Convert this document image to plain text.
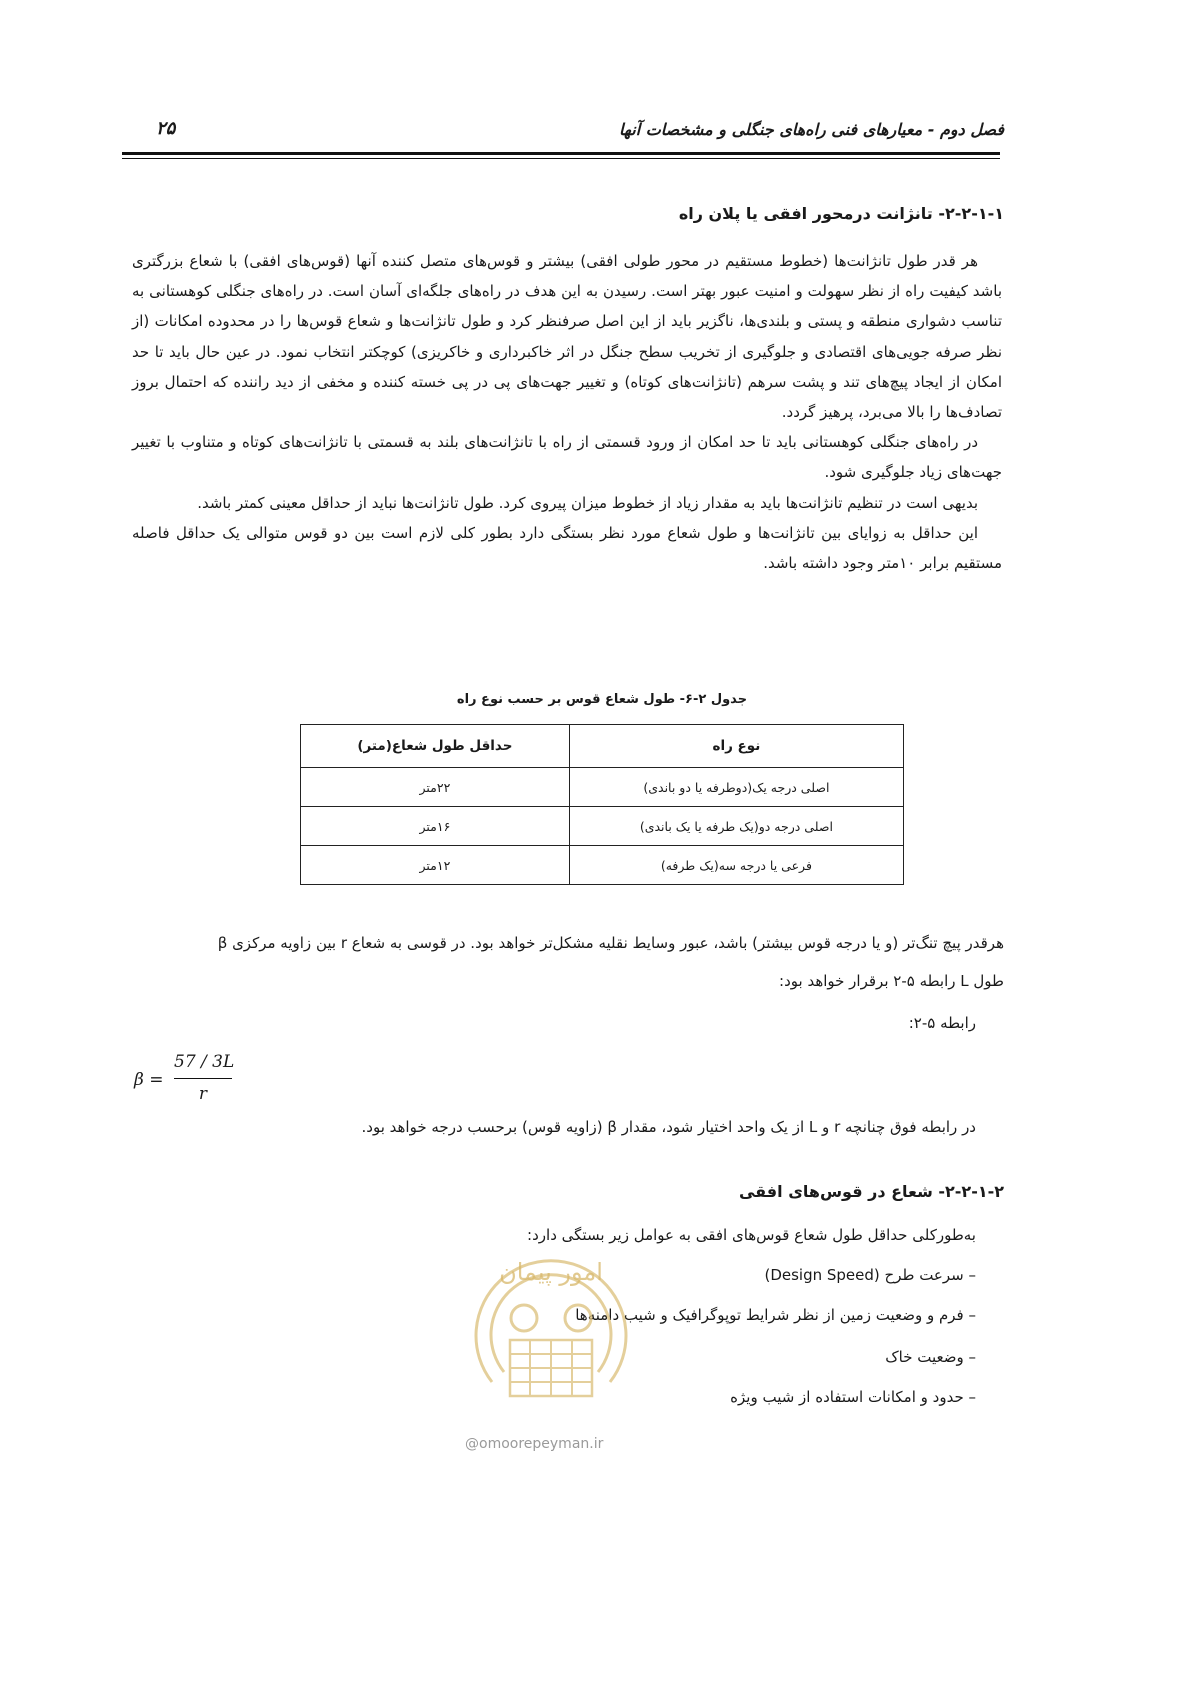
فصل دوم - معیارهای فنی راه‌های جنگلی و مشخصات آنها
۲۵
۲-۲-۱-۱- تانژانت درمحور افقی یا پلان راه

هر قدر طول تانژانت‌ها (خطوط مستقیم در محور طولی افقی) بیشتر و قوس‌های متصل کننده آنها (قوس‌های افقی) با شعاع بزرگتری باشد کیفیت راه از نظر سهولت و امنیت عبور بهتر است. رسیدن به این هدف در راه‌های جلگه‌ای آسان است. در راه‌های جنگلی کوهستانی به تناسب دشواری منطقه و پستی و بلندی‌ها، ناگزیر باید از این اصل صرفنظر کرد و طول تانژانت‌ها و شعاع قوس‌ها را در محدوده امکانات (از نظر صرفه جویی‌های اقتصادی و جلوگیری از تخریب سطح جنگل در اثر خاکبرداری و خاکریزی) کوچکتر انتخاب نمود. در عین حال باید تا حد امکان از ایجاد پیچ‌های تند و پشت سرهم (تانژانت‌های کوتاه) و تغییر جهت‌های پی در پی خسته کننده و مخفی از دید راننده که احتمال بروز تصادف‌ها را بالا می‌برد، پرهیز گردد.

در راه‌های جنگلی کوهستانی باید تا حد امکان از ورود قسمتی از راه با تانژانت‌های بلند به قسمتی با تانژانت‌های کوتاه و متناوب با تغییر جهت‌های زیاد جلوگیری شود.

بدیهی است در تنظیم تانژانت‌ها باید به مقدار زیاد از خطوط میزان پیروی کرد. طول تانژانت‌ها نباید از حداقل معینی کمتر باشد.

این حداقل به زوایای بین تانژانت‌ها و طول شعاع مورد نظر بستگی دارد بطور کلی لازم است بین دو قوس متوالی یک حداقل فاصله مستقیم برابر ۱۰متر وجود داشته باشد.

جدول ۲-۶- طول شعاع قوس بر حسب نوع راه
نوع راه	حداقل طول شعاع(متر)
اصلی درجه یک(دوطرفه یا دو باندی)	۲۲متر
اصلی درجه دو(یک طرفه یا یک باندی)	۱۶متر
فرعی یا درجه سه(یک طرفه)	۱۲متر
هرقدر پیچ تنگ‌تر (و یا درجه قوس بیشتر) باشد، عبور وسایط نقلیه مشکل‌تر خواهد بود. در قوسی به شعاع r بین زاویه مرکزی β
طول L رابطه ۵-۲ برقرار خواهد بود:
رابطه ۵-۲:
β =
57 / 3L
r
در رابطه فوق چنانچه r و L از یک واحد اختیار شود، مقدار β (زاویه قوس) برحسب درجه خواهد بود.
۲-۲-۱-۲- شعاع در قوس‌های افقی
به‌طورکلی حداقل طول شعاع قوس‌های افقی به عوامل زیر بستگی دارد:
– سرعت طرح (Design Speed)
– فرم و وضعیت زمین از نظر شرایط توپوگرافیک و شیب دامنه‌ها
– وضعیت خاک
– حدود و امکانات استفاده از شیب ویژه
امور پیمان
@omoorepeyman.ir
